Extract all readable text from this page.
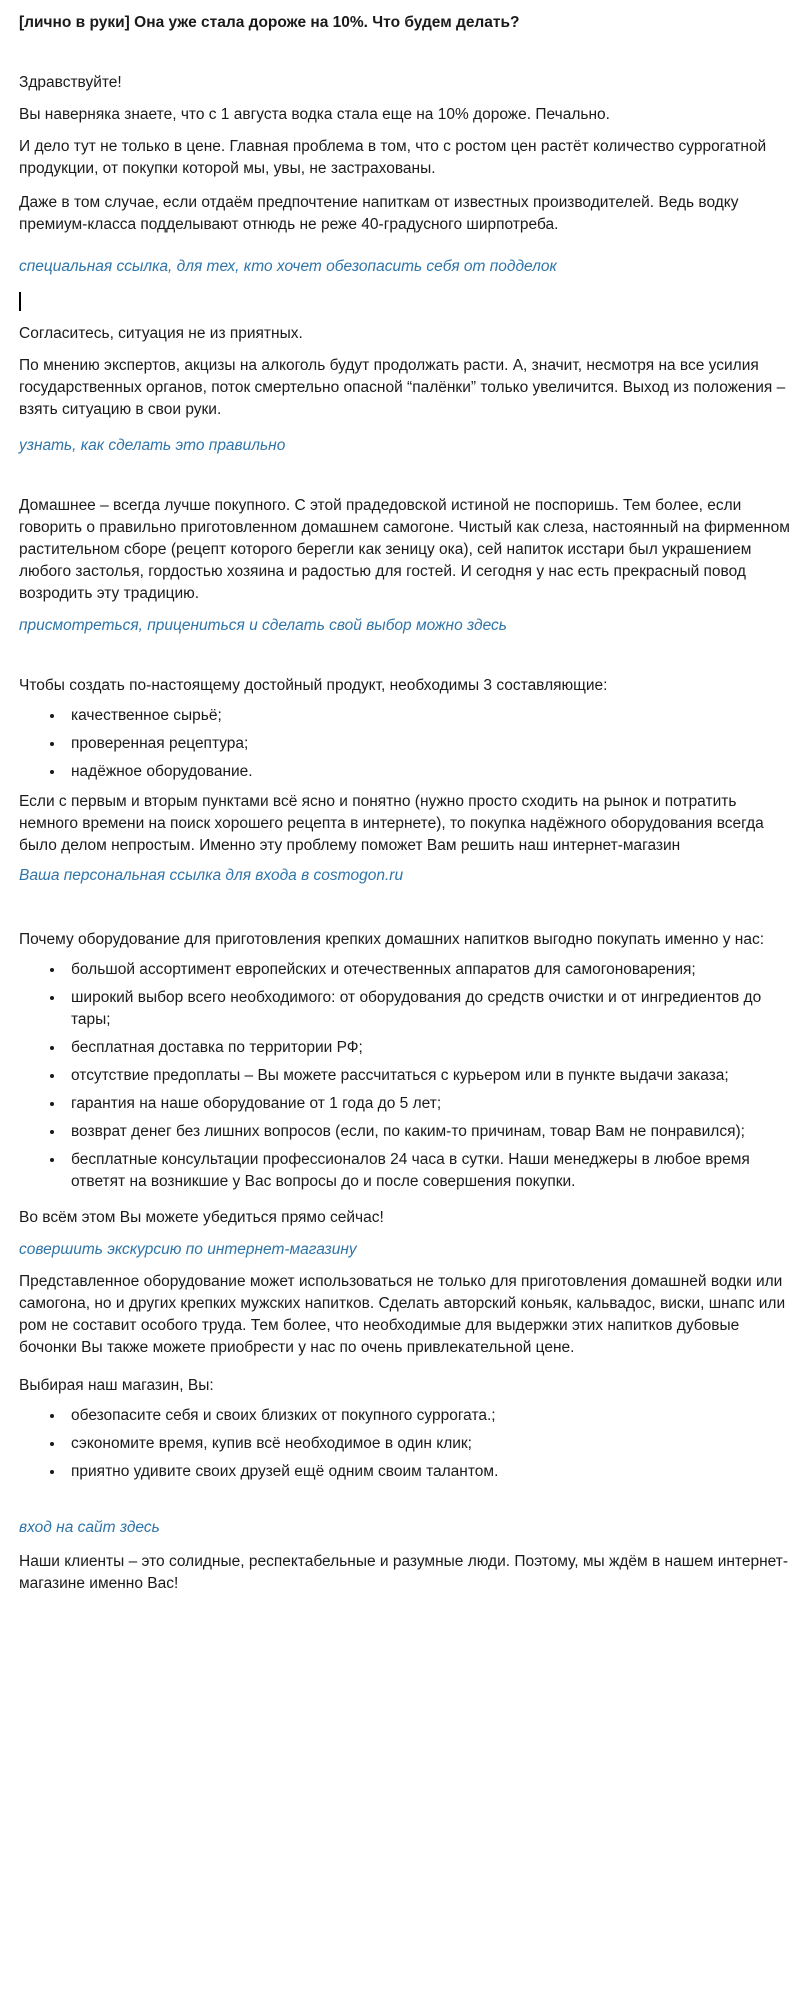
[лично в руки] Она уже стала дороже на 10%. Что будем делать?

Здравствуйте!

Вы наверняка знаете, что с 1 августа водка стала еще на 10% дороже. Печально.

И дело тут не только в цене. Главная проблема в том, что с ростом цен растёт количество суррогатной продукции, от покупки которой мы, увы, не застрахованы.

Даже в том случае, если отдаём предпочтение напиткам от известных производителей. Ведь водку премиум-класса подделывают отнюдь не реже 40-градусного ширпотреба.

специальная ссылка, для тех, кто хочет обезопасить себя от подделок

Согласитесь, ситуация не из приятных.

По мнению экспертов, акцизы на алкоголь будут продолжать расти. А, значит, несмотря на все усилия государственных органов, поток смертельно опасной “палёнки” только увеличится. Выход из положения – взять ситуацию в свои руки.

узнать, как сделать это правильно

Домашнее – всегда лучше покупного. С этой прадедовской истиной не поспоришь. Тем более, если говорить о правильно приготовленном домашнем самогоне. Чистый как слеза, настоянный на фирменном растительном сборе (рецепт которого берегли как зеницу ока), сей напиток исстари был украшением любого застолья, гордостью хозяина и радостью для гостей. И сегодня у нас есть прекрасный повод возродить эту традицию.

присмотреться, прицениться и сделать свой выбор можно здесь

Чтобы создать по-настоящему достойный продукт, необходимы 3 составляющие:

• качественное сырьё;
• проверенная рецептура;
• надёжное оборудование.

Если с первым и вторым пунктами всё ясно и понятно (нужно просто сходить на рынок и потратить немного времени на поиск хорошего рецепта в интернете), то покупка надёжного оборудования всегда было делом непростым. Именно эту проблему поможет Вам решить наш интернет-магазин

Ваша персональная ссылка для входа в cosmogon.ru

Почему оборудование для приготовления крепких домашних напитков выгодно покупать именно у нас:

• большой ассортимент европейских и отечественных аппаратов для самогоноварения;
• широкий выбор всего необходимого: от оборудования до средств очистки и от ингредиентов до тары;
• бесплатная доставка по территории РФ;
• отсутствие предоплаты – Вы можете рассчитаться с курьером или в пункте выдачи заказа;
• гарантия на наше оборудование от 1 года до 5 лет;
• возврат денег без лишних вопросов (если, по каким-то причинам, товар Вам не понравился);
• бесплатные консультации профессионалов 24 часа в сутки. Наши менеджеры в любое время ответят на возникшие у Вас вопросы до и после совершения покупки.

Во всём этом Вы можете убедиться прямо сейчас!

совершить экскурсию по интернет-магазину

Представленное оборудование может использоваться не только для приготовления домашней водки или самогона, но и других крепких мужских напитков. Сделать авторский коньяк, кальвадос, виски, шнапс или ром не составит особого труда. Тем более, что необходимые для выдержки этих напитков дубовые бочонки Вы также можете приобрести у нас по очень привлекательной цене.

Выбирая наш магазин, Вы:

• обезопасите себя и своих близких от покупного суррогата.;
• сэкономите время, купив всё необходимое в один клик;
• приятно удивите своих друзей ещё одним своим талантом.
вход на сайт здесь

Наши клиенты – это солидные, респектабельные и разумные люди. Поэтому, мы ждём в нашем интернет-магазине именно Вас!
